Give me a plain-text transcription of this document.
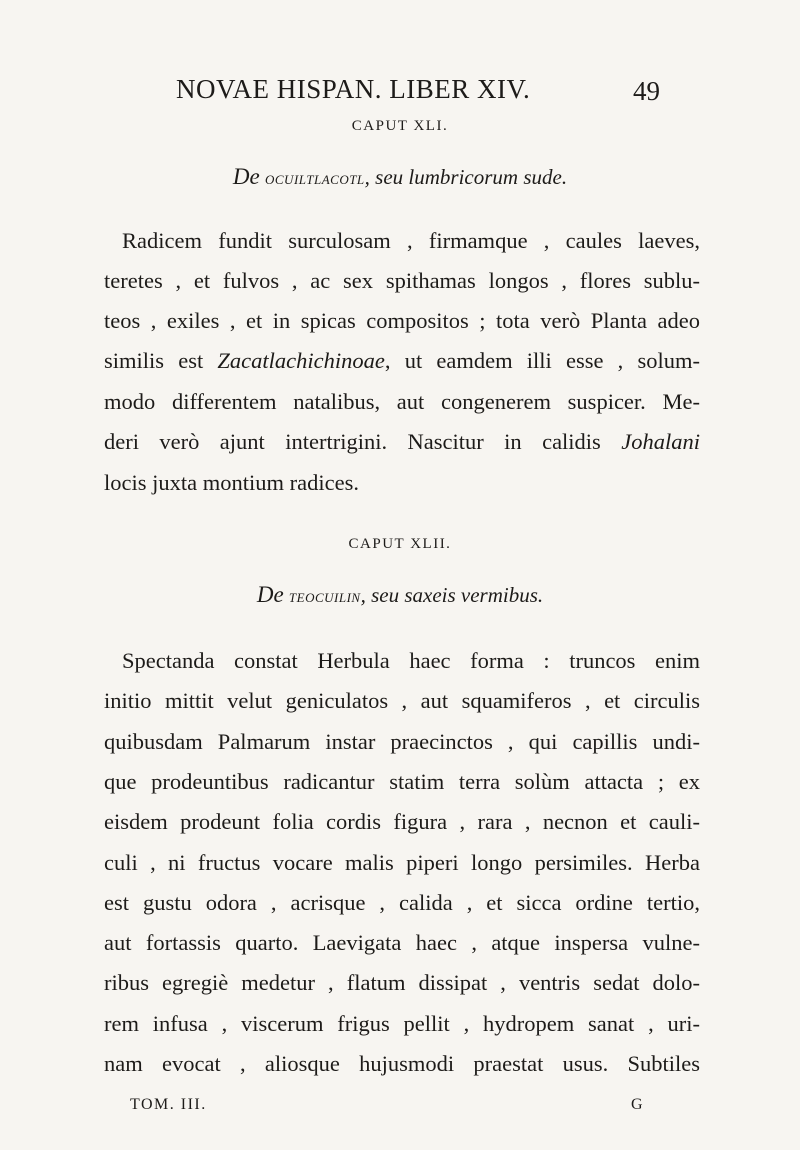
NOVAE HISPAN. LIBER XIV.	49
CAPUT XLI.
De ocuiltlacotl, seu lumbricorum sude.
Radicem fundit surculosam , firmamque , caules laeves,
teretes , et fulvos , ac sex spithamas longos , flores sublu-
teos , exiles , et in spicas compositos ; tota verò Planta adeo
similis est Zacatlachichinoae, ut eamdem illi esse , solum-
modo differentem natalibus, aut congenerem suspicer. Me-
deri verò ajunt intertrigini. Nascitur in calidis Johalani
locis juxta montium radices.
CAPUT XLII.
De teocuilin, seu saxeis vermibus.
Spectanda constat Herbula haec forma : truncos enim
initio mittit velut geniculatos , aut squamiferos , et circulis
quibusdam Palmarum instar praecinctos , qui capillis undi-
que prodeuntibus radicantur statim terra solùm attacta ; ex
eisdem prodeunt folia cordis figura , rara , necnon et cauli-
culi , ni fructus vocare malis piperi longo persimiles. Herba
est gustu odora , acrisque , calida , et sicca ordine tertio,
aut fortassis quarto. Laevigata haec , atque inspersa vulne-
ribus egregiè medetur , flatum dissipat , ventris sedat dolo-
rem infusa , viscerum frigus pellit , hydropem sanat , uri-
nam evocat , aliosque hujusmodi praestat usus. Subtiles
TOM. III.	G
